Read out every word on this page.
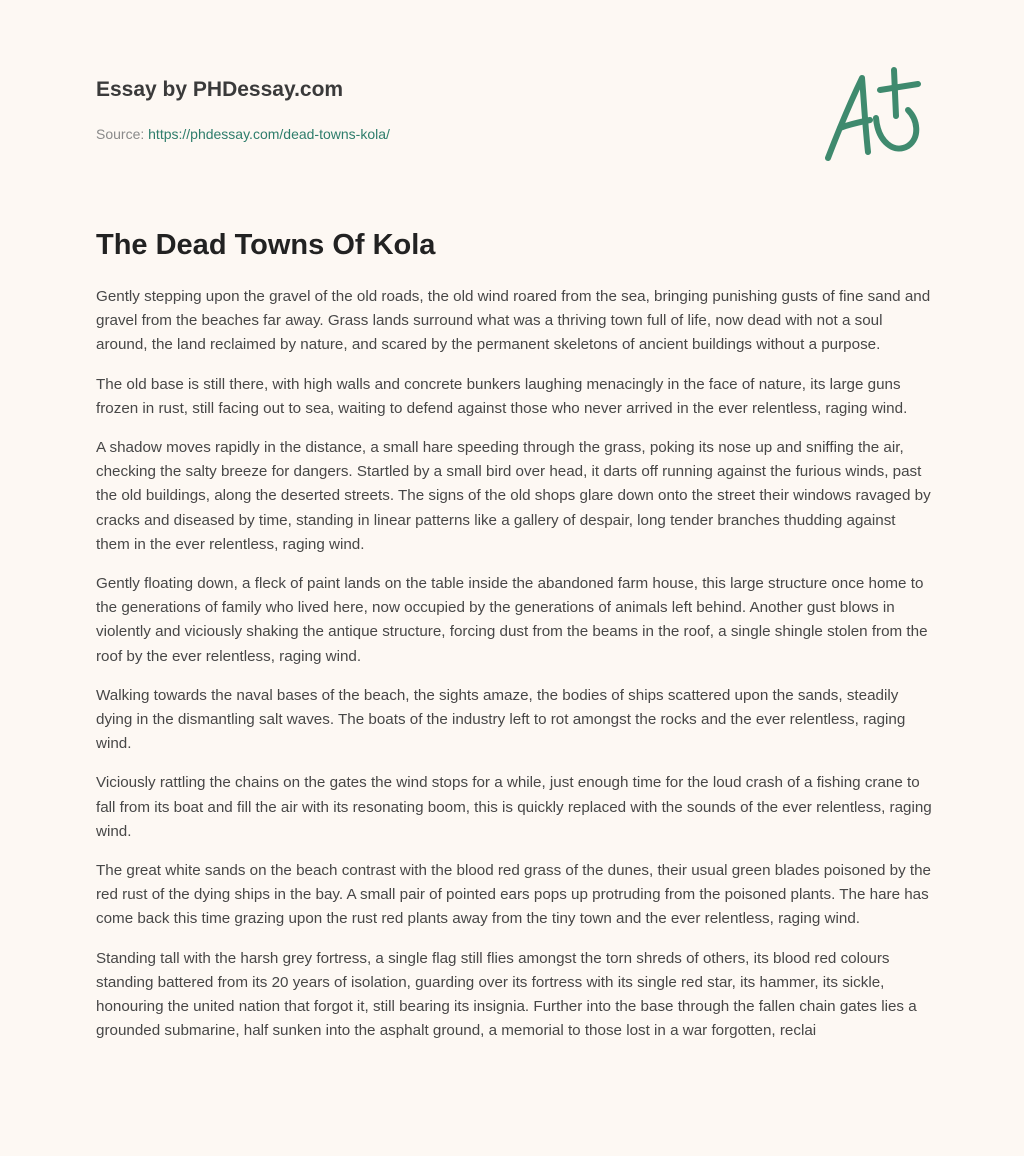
Essay by PHDessay.com
Source: https://phdessay.com/dead-towns-kola/
The Dead Towns Of Kola

Gently stepping upon the gravel of the old roads, the old wind roared from the sea, bringing punishing gusts of fine sand and gravel from the beaches far away. Grass lands surround what was a thriving town full of life, now dead with not a soul around, the land reclaimed by nature, and scared by the permanent skeletons of ancient buildings without a purpose.

The old base is still there, with high walls and concrete bunkers laughing menacingly in the face of nature, its large guns frozen in rust, still facing out to sea, waiting to defend against those who never arrived in the ever relentless, raging wind.

A shadow moves rapidly in the distance, a small hare speeding through the grass, poking its nose up and sniffing the air, checking the salty breeze for dangers. Startled by a small bird over head, it darts off running against the furious winds, past the old buildings, along the deserted streets. The signs of the old shops glare down onto the street their windows ravaged by cracks and diseased by time, standing in linear patterns like a gallery of despair, long tender branches thudding against them in the ever relentless, raging wind.

Gently floating down, a fleck of paint lands on the table inside the abandoned farm house, this large structure once home to the generations of family who lived here, now occupied by the generations of animals left behind. Another gust blows in violently and viciously shaking the antique structure, forcing dust from the beams in the roof, a single shingle stolen from the roof by the ever relentless, raging wind.

Walking towards the naval bases of the beach, the sights amaze, the bodies of ships scattered upon the sands, steadily dying in the dismantling salt waves. The boats of the industry left to rot amongst the rocks and the ever relentless, raging wind.

Viciously rattling the chains on the gates the wind stops for a while, just enough time for the loud crash of a fishing crane to fall from its boat and fill the air with its resonating boom, this is quickly replaced with the sounds of the ever relentless, raging wind.

The great white sands on the beach contrast with the blood red grass of the dunes, their usual green blades poisoned by the red rust of the dying ships in the bay. A small pair of pointed ears pops up protruding from the poisoned plants. The hare has come back this time grazing upon the rust red plants away from the tiny town and the ever relentless, raging wind.

Standing tall with the harsh grey fortress, a single flag still flies amongst the torn shreds of others, its blood red colours standing battered from its 20 years of isolation, guarding over its fortress with its single red star, its hammer, its sickle, honouring the united nation that forgot it, still bearing its insignia. Further into the base through the fallen chain gates lies a grounded submarine, half sunken into the asphalt ground, a memorial to those lost in a war forgotten, reclai
